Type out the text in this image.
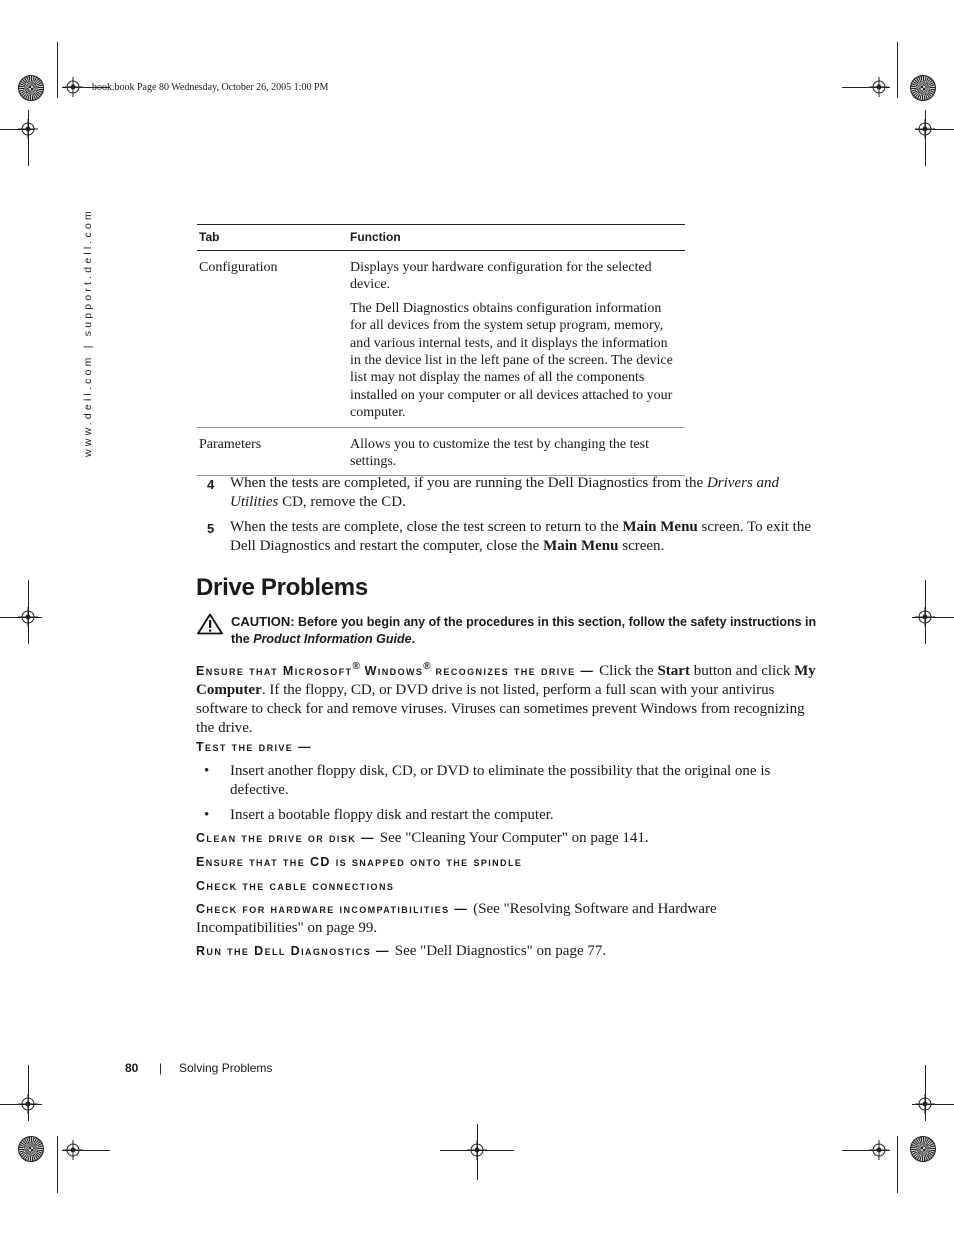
book.book Page 80 Wednesday, October 26, 2005 1:00 PM
www.dell.com | support.dell.com	Tab	Function
Configuration	Displays your hardware configuration for the selected device.

The Dell Diagnostics obtains configuration information for all devices from the system setup program, memory, and various internal tests, and it displays the information in the device list in the left pane of the screen. The device list may not display the names of all the components installed on your computer or all devices attached to your computer.

Parameters	Allows you to customize the test by changing the test settings.

4	When the tests are completed, if you are running the Dell Diagnostics from the Drivers and Utilities CD, remove the CD.
5	When the tests are complete, close the test screen to return to the Main Menu screen. To exit the Dell Diagnostics and restart the computer, close the Main Menu screen.
Drive Problems
CAUTION: Before you begin any of the procedures in this section, follow the safety instructions in the Product Information Guide.
Ensure that Microsoft® Windows® recognizes the drive — Click the Start button and click My Computer. If the floppy, CD, or DVD drive is not listed, perform a full scan with your antivirus software to check for and remove viruses. Viruses can sometimes prevent Windows from recognizing the drive.
Test the drive —
•	Insert another floppy disk, CD, or DVD to eliminate the possibility that the original one is defective.
•	Insert a bootable floppy disk and restart the computer.
Clean the drive or disk — See "Cleaning Your Computer" on page 141.
Ensure that the CD is snapped onto the spindle
Check the cable connections
Check for hardware incompatibilities — (See "Resolving Software and Hardware Incompatibilities" on page 99.
Run the Dell Diagnostics — See "Dell Diagnostics" on page 77.
80 | Solving Problems
